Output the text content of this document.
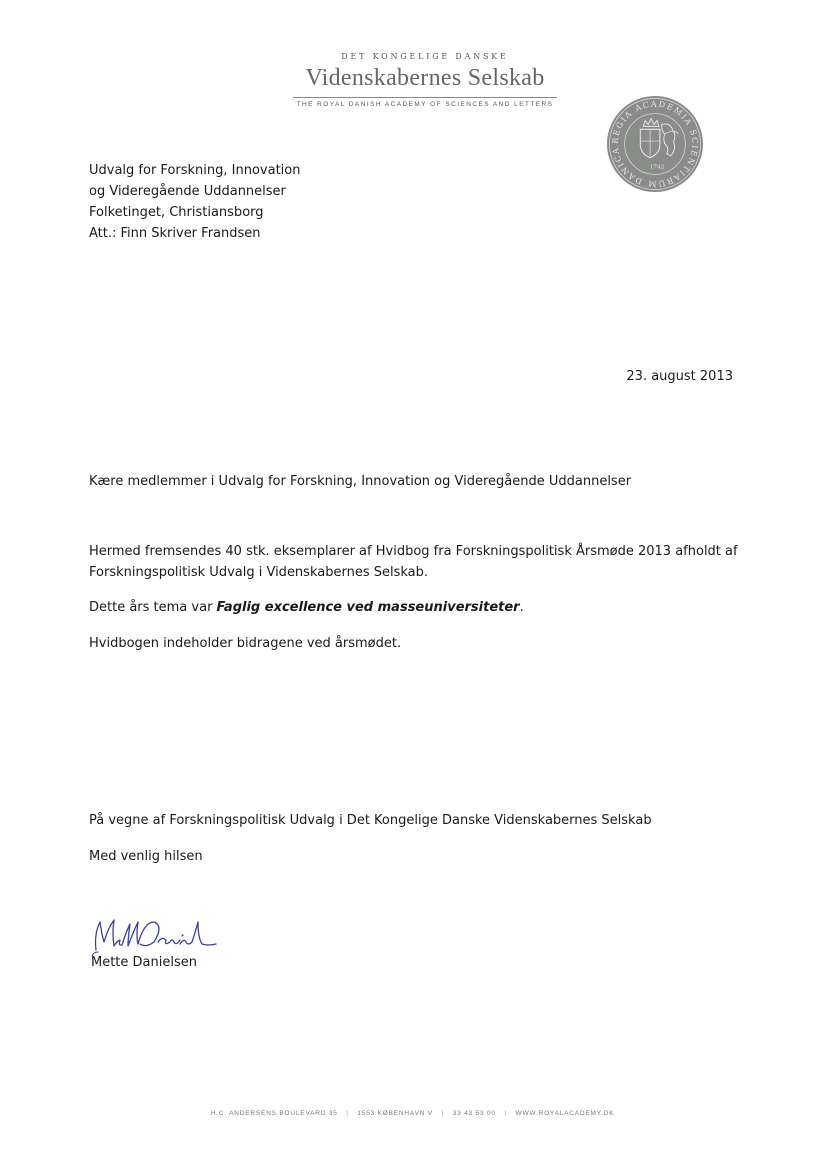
DET KONGELIGE DANSKE
Videnskabernes Selskab
THE ROYAL DANISH ACADEMY OF SCIENCES AND LETTERS
REGIA ACADEMIA SCIENTIARUM DANICA
1742
Udvalg for Forskning, Innovation
og Videregående Uddannelser
Folketinget, Christiansborg
Att.: Finn Skriver Frandsen
23. august 2013
Kære medlemmer i Udvalg for Forskning, Innovation og Videregående Uddannelser
Hermed fremsendes 40 stk. eksemplarer af Hvidbog fra Forskningspolitisk Årsmøde 2013 afholdt af Forskningspolitisk Udvalg i Videnskabernes Selskab.
Dette års tema var Faglig excellence ved masseuniversiteter.
Hvidbogen indeholder bidragene ved årsmødet.
På vegne af Forskningspolitisk Udvalg i Det Kongelige Danske Videnskabernes Selskab
Med venlig hilsen
Mette Danielsen
H.C. ANDERSENS BOULEVARD 35 | 1553 KØBENHAVN V | 33 43 53 00 | WWW.ROYALACADEMY.DK
